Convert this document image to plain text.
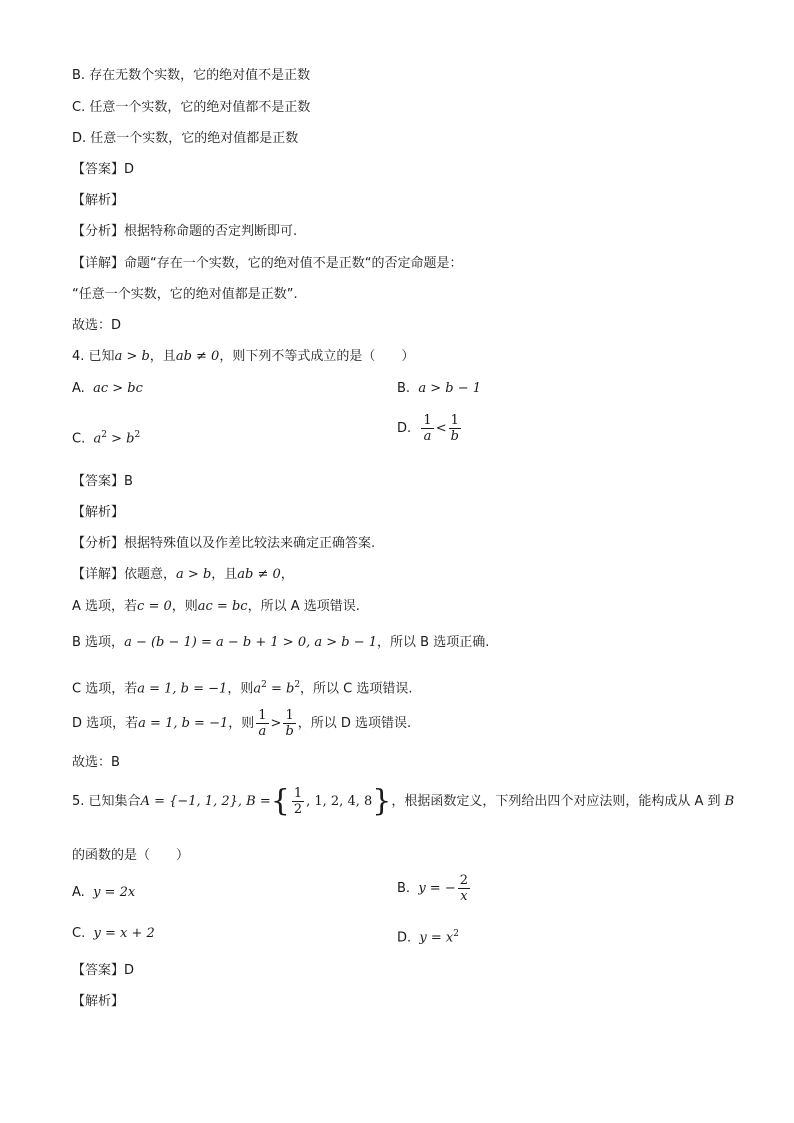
B. 存在无数个实数，它的绝对值不是正数
C. 任意一个实数，它的绝对值都不是正数
D. 任意一个实数，它的绝对值都是正数
【答案】D
【解析】
【分析】根据特称命题的否定判断即可.
【详解】命题“存在一个实数，它的绝对值不是正数“的否定命题是：
“任意一个实数，它的绝对值都是正数”.
故选：D
4. 已知a > b，且ab ≠ 0，则下列不等式成立的是（　　）
A. ac > bc	B. a > b − 1
C. $a^2 > b^2$	D. $\frac{1}{a} < \frac{1}{b}$
【答案】B
【解析】
【分析】根据特殊值以及作差比较法来确定正确答案.
【详解】依题意，a > b，且ab ≠ 0，
A 选项，若c = 0，则ac = bc，所以 A 选项错误.
B 选项，a − (b − 1) = a − b + 1 > 0, a > b − 1，所以 B 选项正确.
C 选项，若a = 1, b = −1，则$a^2 = b^2$，所以 C 选项错误.
D 选项，若a = 1, b = −1，则 $\frac{1}{a} > \frac{1}{b}$ ，所以 D 选项错误.
故选：B
5. 已知集合A = {−1, 1, 2}, B ={ $\frac{1}{2}$ , 1, 2, 4, 8}，根据函数定义，下列给出四个对应法则，能构成从 A 到 B
的函数的是（　　）
A. y = 2x	B. y = − $\frac{2}{x}$
C. y = x + 2	D. $y = x^2$
【答案】D
【解析】
